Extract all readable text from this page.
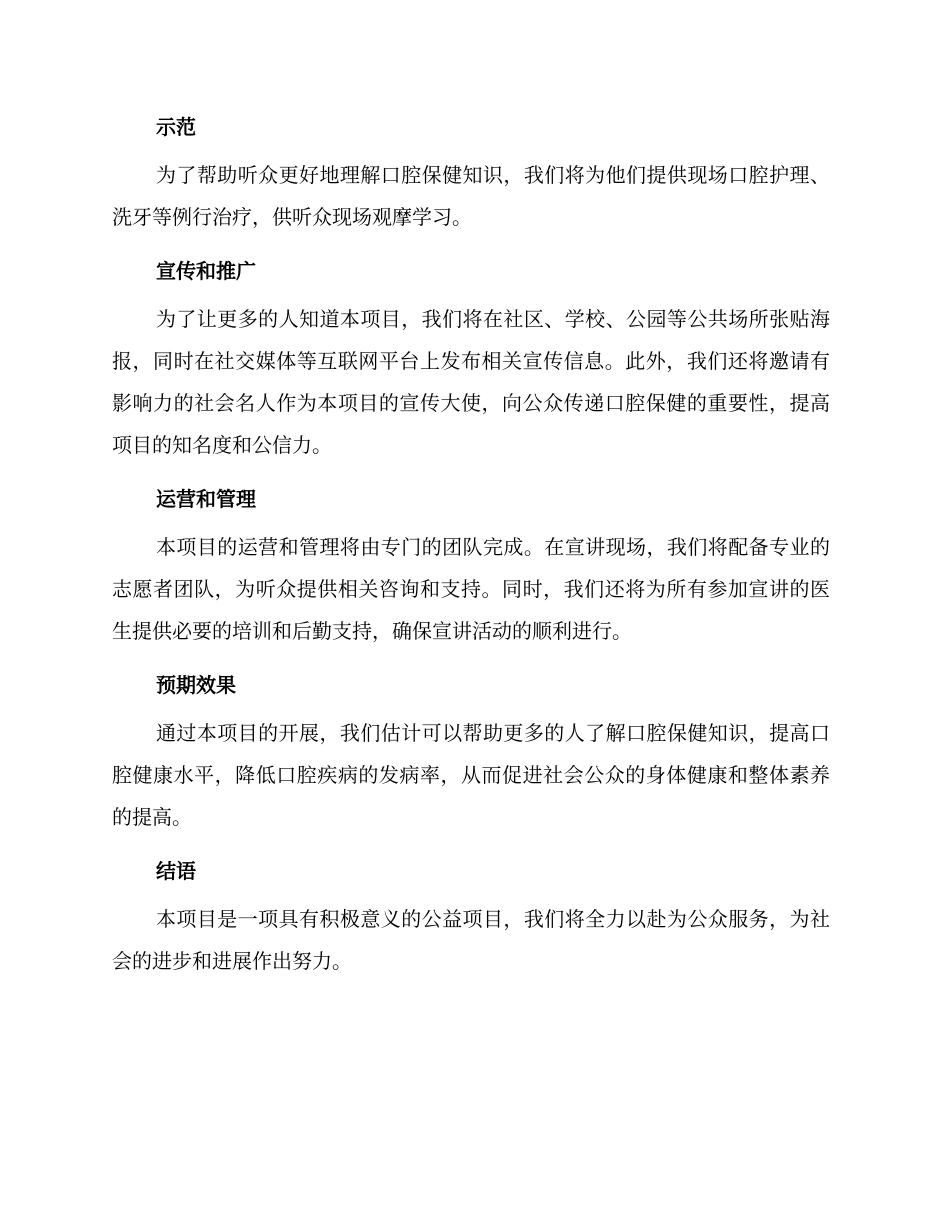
示范

为了帮助听众更好地理解口腔保健知识，我们将为他们提供现场口腔护理、洗牙等例行治疗，供听众现场观摩学习。

宣传和推广

为了让更多的人知道本项目，我们将在社区、学校、公园等公共场所张贴海报，同时在社交媒体等互联网平台上发布相关宣传信息。此外，我们还将邀请有影响力的社会名人作为本项目的宣传大使，向公众传递口腔保健的重要性，提高项目的知名度和公信力。

运营和管理

本项目的运营和管理将由专门的团队完成。在宣讲现场，我们将配备专业的志愿者团队，为听众提供相关咨询和支持。同时，我们还将为所有参加宣讲的医生提供必要的培训和后勤支持，确保宣讲活动的顺利进行。

预期效果

通过本项目的开展，我们估计可以帮助更多的人了解口腔保健知识，提高口腔健康水平，降低口腔疾病的发病率，从而促进社会公众的身体健康和整体素养的提高。

结语

本项目是一项具有积极意义的公益项目，我们将全力以赴为公众服务，为社会的进步和进展作出努力。
